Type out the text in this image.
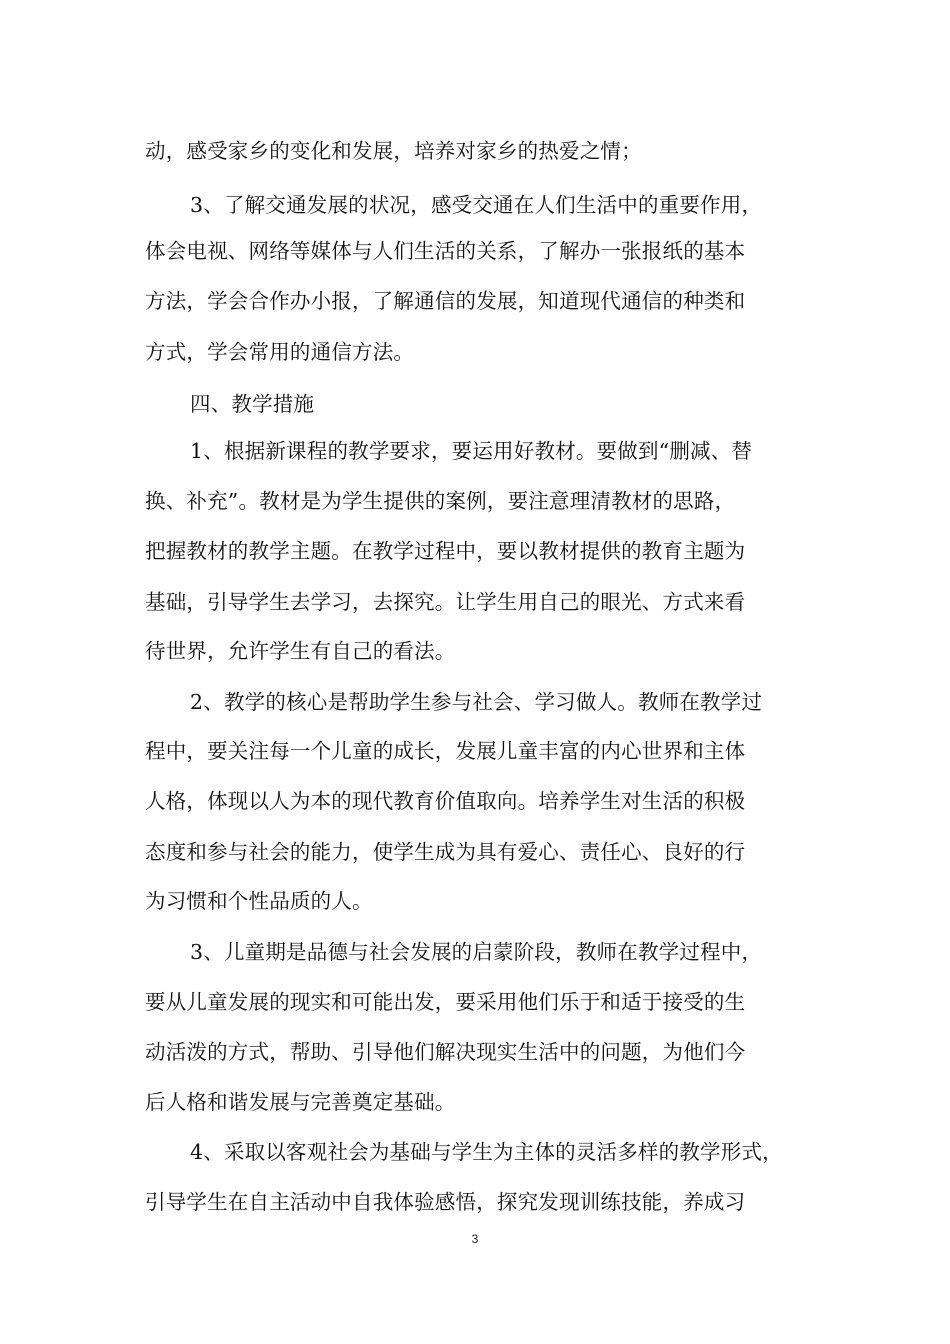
动，感受家乡的变化和发展，培养对家乡的热爱之情；
3、了解交通发展的状况，感受交通在人们生活中的重要作用，
体会电视、网络等媒体与人们生活的关系，了解办一张报纸的基本
方法，学会合作办小报，了解通信的发展，知道现代通信的种类和
方式，学会常用的通信方法。
四、教学措施
1、根据新课程的教学要求，要运用好教材。要做到“删减、替
换、补充”。教材是为学生提供的案例，要注意理清教材的思路，
把握教材的教学主题。在教学过程中，要以教材提供的教育主题为
基础，引导学生去学习，去探究。让学生用自己的眼光、方式来看
待世界，允许学生有自己的看法。
2、教学的核心是帮助学生参与社会、学习做人。教师在教学过
程中，要关注每一个儿童的成长，发展儿童丰富的内心世界和主体
人格，体现以人为本的现代教育价值取向。培养学生对生活的积极
态度和参与社会的能力，使学生成为具有爱心、责任心、良好的行
为习惯和个性品质的人。
3、儿童期是品德与社会发展的启蒙阶段，教师在教学过程中，
要从儿童发展的现实和可能出发，要采用他们乐于和适于接受的生
动活泼的方式，帮助、引导他们解决现实生活中的问题，为他们今
后人格和谐发展与完善奠定基础。
4、采取以客观社会为基础与学生为主体的灵活多样的教学形式，
引导学生在自主活动中自我体验感悟，探究发现训练技能，养成习
3
